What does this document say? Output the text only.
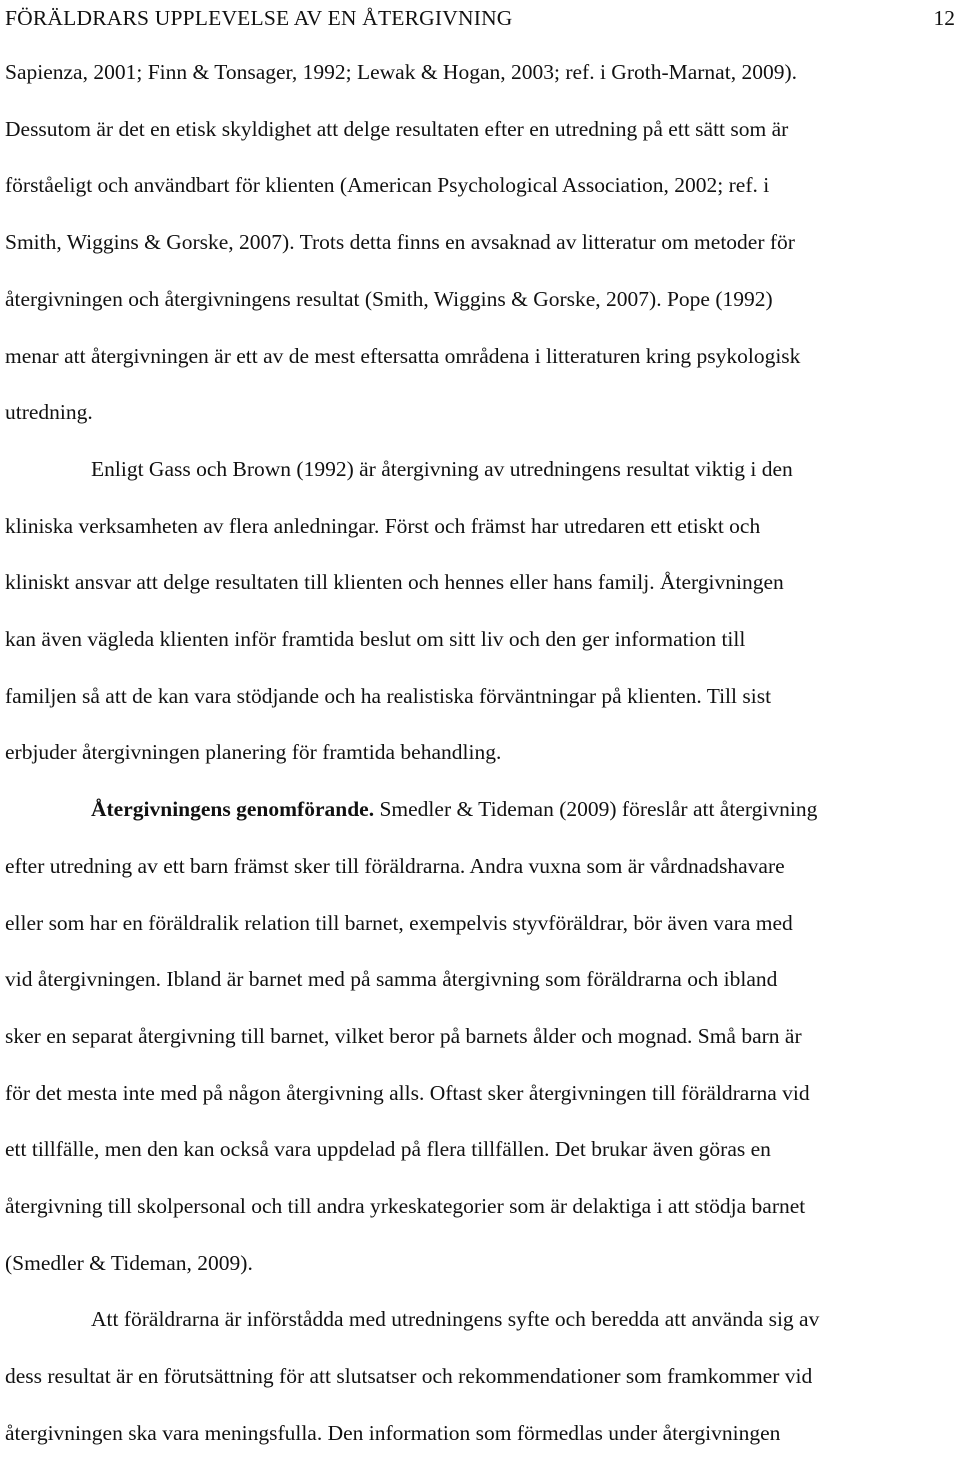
FÖRÄLDRARS UPPLEVELSE AV EN ÅTERGIVNING	12

Sapienza, 2001; Finn & Tonsager, 1992; Lewak & Hogan, 2003; ref. i Groth-Marnat, 2009).
Dessutom är det en etisk skyldighet att delge resultaten efter en utredning på ett sätt som är
förståeligt och användbart för klienten (American Psychological Association, 2002; ref. i
Smith, Wiggins & Gorske, 2007). Trots detta finns en avsaknad av litteratur om metoder för
återgivningen och återgivningens resultat (Smith, Wiggins & Gorske, 2007). Pope (1992)
menar att återgivningen är ett av de mest eftersatta områdena i litteraturen kring psykologisk
utredning.

Enligt Gass och Brown (1992) är återgivning av utredningens resultat viktig i den
kliniska verksamheten av flera anledningar. Först och främst har utredaren ett etiskt och
kliniskt ansvar att delge resultaten till klienten och hennes eller hans familj. Återgivningen
kan även vägleda klienten inför framtida beslut om sitt liv och den ger information till
familjen så att de kan vara stödjande och ha realistiska förväntningar på klienten. Till sist
erbjuder återgivningen planering för framtida behandling.

Återgivningens genomförande. Smedler & Tideman (2009) föreslår att återgivning
efter utredning av ett barn främst sker till föräldrarna. Andra vuxna som är vårdnadshavare
eller som har en föräldralik relation till barnet, exempelvis styvföräldrar, bör även vara med
vid återgivningen. Ibland är barnet med på samma återgivning som föräldrarna och ibland
sker en separat återgivning till barnet, vilket beror på barnets ålder och mognad. Små barn är
för det mesta inte med på någon återgivning alls. Oftast sker återgivningen till föräldrarna vid
ett tillfälle, men den kan också vara uppdelad på flera tillfällen. Det brukar även göras en
återgivning till skolpersonal och till andra yrkeskategorier som är delaktiga i att stödja barnet
(Smedler & Tideman, 2009).

Att föräldrarna är införstådda med utredningens syfte och beredda att använda sig av
dess resultat är en förutsättning för att slutsatser och rekommendationer som framkommer vid
återgivningen ska vara meningsfulla. Den information som förmedlas under återgivningen
